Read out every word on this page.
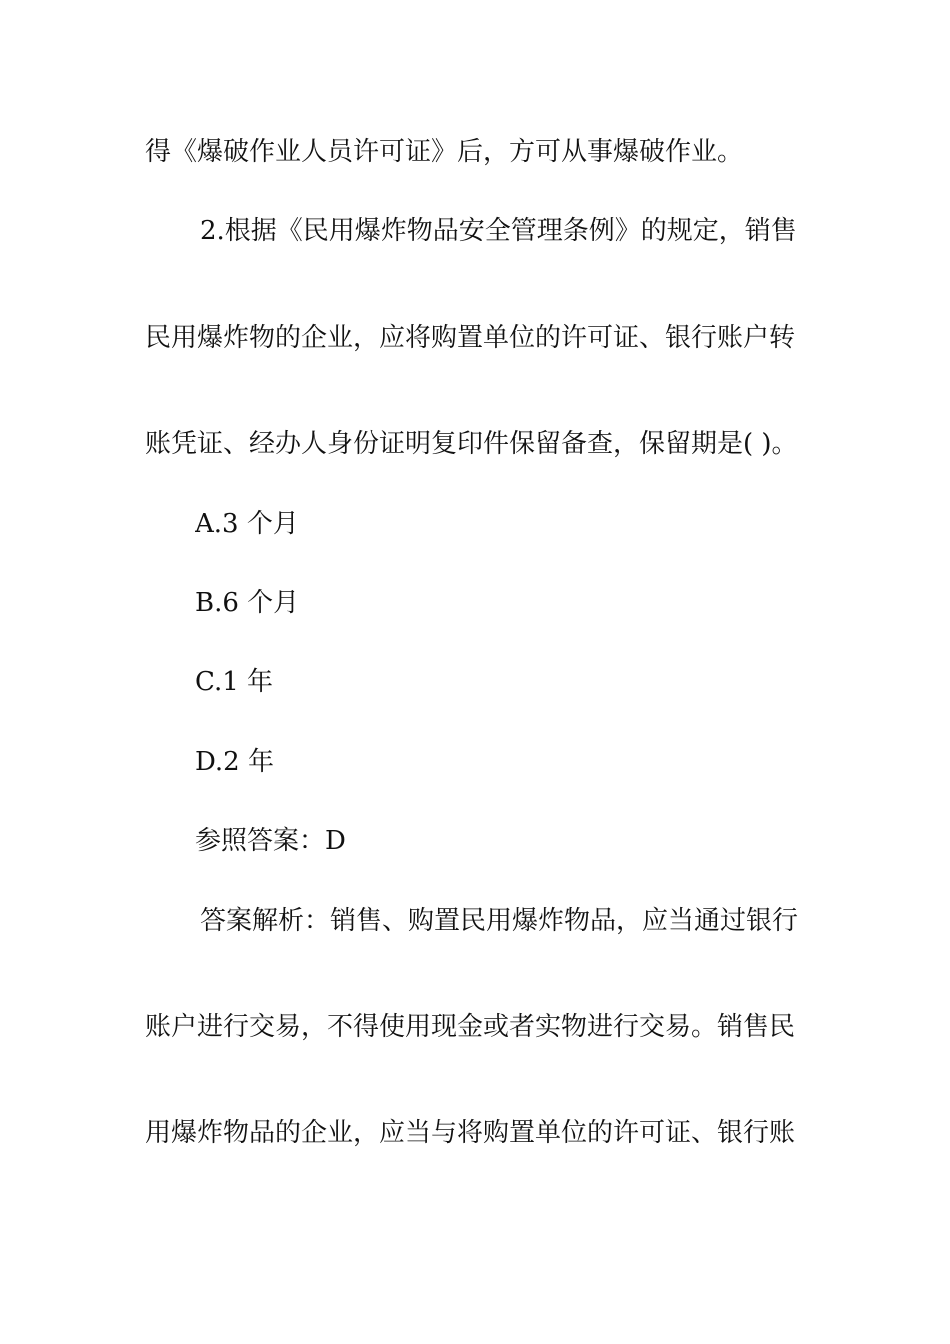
得《爆破作业人员许可证》后，方可从事爆破作业。
2.根据《民用爆炸物品安全管理条例》的规定，销售
民用爆炸物的企业，应将购置单位的许可证、银行账户转
账凭证、经办人身份证明复印件保留备查，保留期是( )。
A.3 个月
B.6 个月
C.1 年
D.2 年
参照答案：D
答案解析：销售、购置民用爆炸物品，应当通过银行
账户进行交易，不得使用现金或者实物进行交易。销售民
用爆炸物品的企业，应当与将购置单位的许可证、银行账
